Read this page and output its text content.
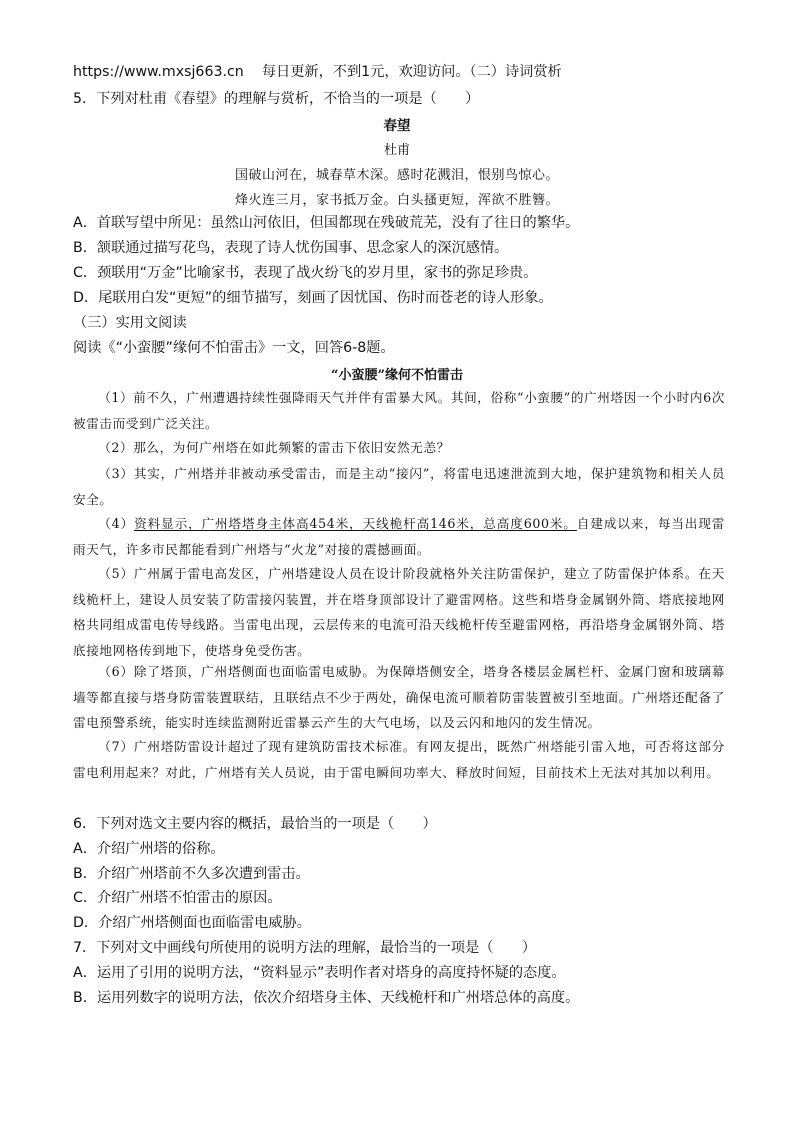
https://www.mxsj663.cn 每日更新，不到1元，欢迎访问。（二）诗词赏析
5．下列对杜甫《春望》的理解与赏析，不恰当的一项是（　　）
春望
杜甫
国破山河在，城春草木深。感时花溅泪，恨别鸟惊心。
烽火连三月，家书抵万金。白头搔更短，浑欲不胜簪。
A．首联写望中所见：虽然山河依旧，但国都现在残破荒芜，没有了往日的繁华。
B．颔联通过描写花鸟，表现了诗人忧伤国事、思念家人的深沉感情。
C．颈联用“万金”比喻家书，表现了战火纷飞的岁月里，家书的弥足珍贵。
D．尾联用白发“更短”的细节描写，刻画了因忧国、伤时而苍老的诗人形象。
（三）实用文阅读
阅读《“小蛮腰”缘何不怕雷击》一文，回答6-8题。
“小蛮腰”缘何不怕雷击
（1）前不久，广州遭遇持续性强降雨天气并伴有雷暴大风。其间，俗称“小蛮腰”的广州塔因一个小时内6次被雷击而受到广泛关注。
（2）那么，为何广州塔在如此频繁的雷击下依旧安然无恙？
（3）其实，广州塔并非被动承受雷击，而是主动“接闪”，将雷电迅速泄流到大地，保护建筑物和相关人员安全。
（4）资料显示，广州塔塔身主体高454米，天线桅杆高146米，总高度600米。自建成以来，每当出现雷雨天气，许多市民都能看到广州塔与“火龙”对接的震撼画面。
（5）广州属于雷电高发区，广州塔建设人员在设计阶段就格外关注防雷保护，建立了防雷保护体系。在天线桅杆上，建设人员安装了防雷接闪装置，并在塔身顶部设计了避雷网格。这些和塔身金属钢外筒、塔底接地网格共同组成雷电传导线路。当雷电出现，云层传来的电流可沿天线桅杆传至避雷网格，再沿塔身金属钢外筒、塔底接地网格传到地下，使塔身免受伤害。
（6）除了塔顶，广州塔侧面也面临雷电威胁。为保障塔侧安全，塔身各楼层金属栏杆、金属门窗和玻璃幕墙等都直接与塔身防雷装置联结，且联结点不少于两处，确保电流可顺着防雷装置被引至地面。广州塔还配备了雷电预警系统，能实时连续监测附近雷暴云产生的大气电场，以及云闪和地闪的发生情况。
（7）广州塔防雷设计超过了现有建筑防雷技术标准。有网友提出，既然广州塔能引雷入地，可否将这部分雷电利用起来？对此，广州塔有关人员说，由于雷电瞬间功率大、释放时间短，目前技术上无法对其加以利用。
6．下列对选文主要内容的概括，最恰当的一项是（　　）
A．介绍广州塔的俗称。
B．介绍广州塔前不久多次遭到雷击。
C．介绍广州塔不怕雷击的原因。
D．介绍广州塔侧面也面临雷电威胁。
7．下列对文中画线句所使用的说明方法的理解，最恰当的一项是（　　）
A．运用了引用的说明方法，“资料显示”表明作者对塔身的高度持怀疑的态度。
B．运用列数字的说明方法，依次介绍塔身主体、天线桅杆和广州塔总体的高度。
